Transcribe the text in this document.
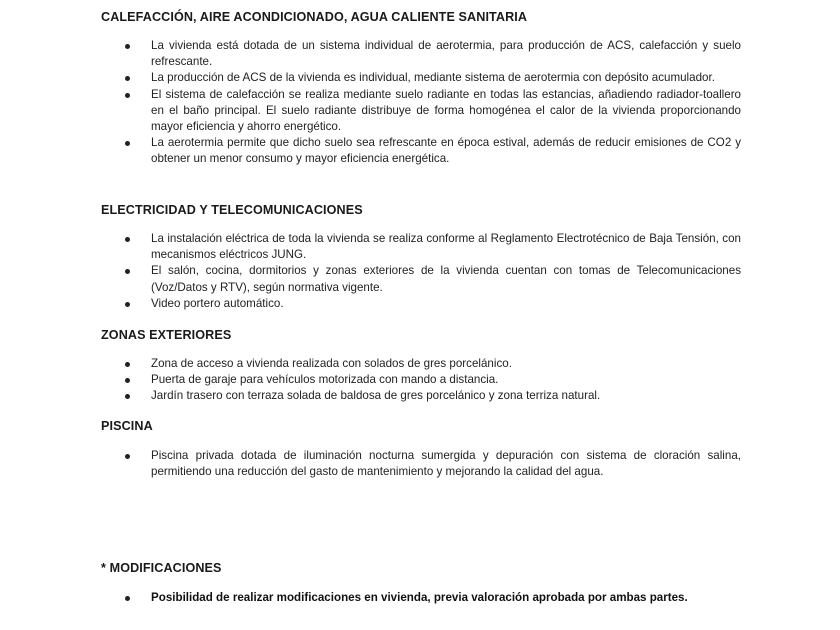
CALEFACCIÓN, AIRE ACONDICIONADO, AGUA CALIENTE SANITARIA
La vivienda está dotada de un sistema individual de aerotermia, para producción de ACS, calefacción y suelo refrescante.
La producción de ACS de la vivienda es individual, mediante sistema de aerotermia con depósito acumulador.
El sistema de calefacción se realiza mediante suelo radiante en todas las estancias, añadiendo radiador-toallero en el baño principal. El suelo radiante distribuye de forma homogénea el calor de la vivienda proporcionando mayor eficiencia y ahorro energético.
La aerotermia permite que dicho suelo sea refrescante en época estival, además de reducir emisiones de CO2 y obtener un menor consumo y mayor eficiencia energética.
ELECTRICIDAD Y TELECOMUNICACIONES
La instalación eléctrica de toda la vivienda se realiza conforme al Reglamento Electrotécnico de Baja Tensión, con mecanismos eléctricos JUNG.
El salón, cocina, dormitorios y zonas exteriores de la vivienda cuentan con tomas de Telecomunicaciones (Voz/Datos y RTV), según normativa vigente.
Video portero automático.
ZONAS EXTERIORES
Zona de acceso a vivienda realizada con solados de gres porcelánico.
Puerta de garaje para vehículos motorizada con mando a distancia.
Jardín trasero con terraza solada de baldosa de gres porcelánico y zona terriza natural.
PISCINA
Piscina privada dotada de iluminación nocturna sumergida y depuración con sistema de cloración salina, permitiendo una reducción del gasto de mantenimiento y mejorando la calidad del agua.
* MODIFICACIONES
Posibilidad de realizar modificaciones en vivienda, previa valoración aprobada por ambas partes.
